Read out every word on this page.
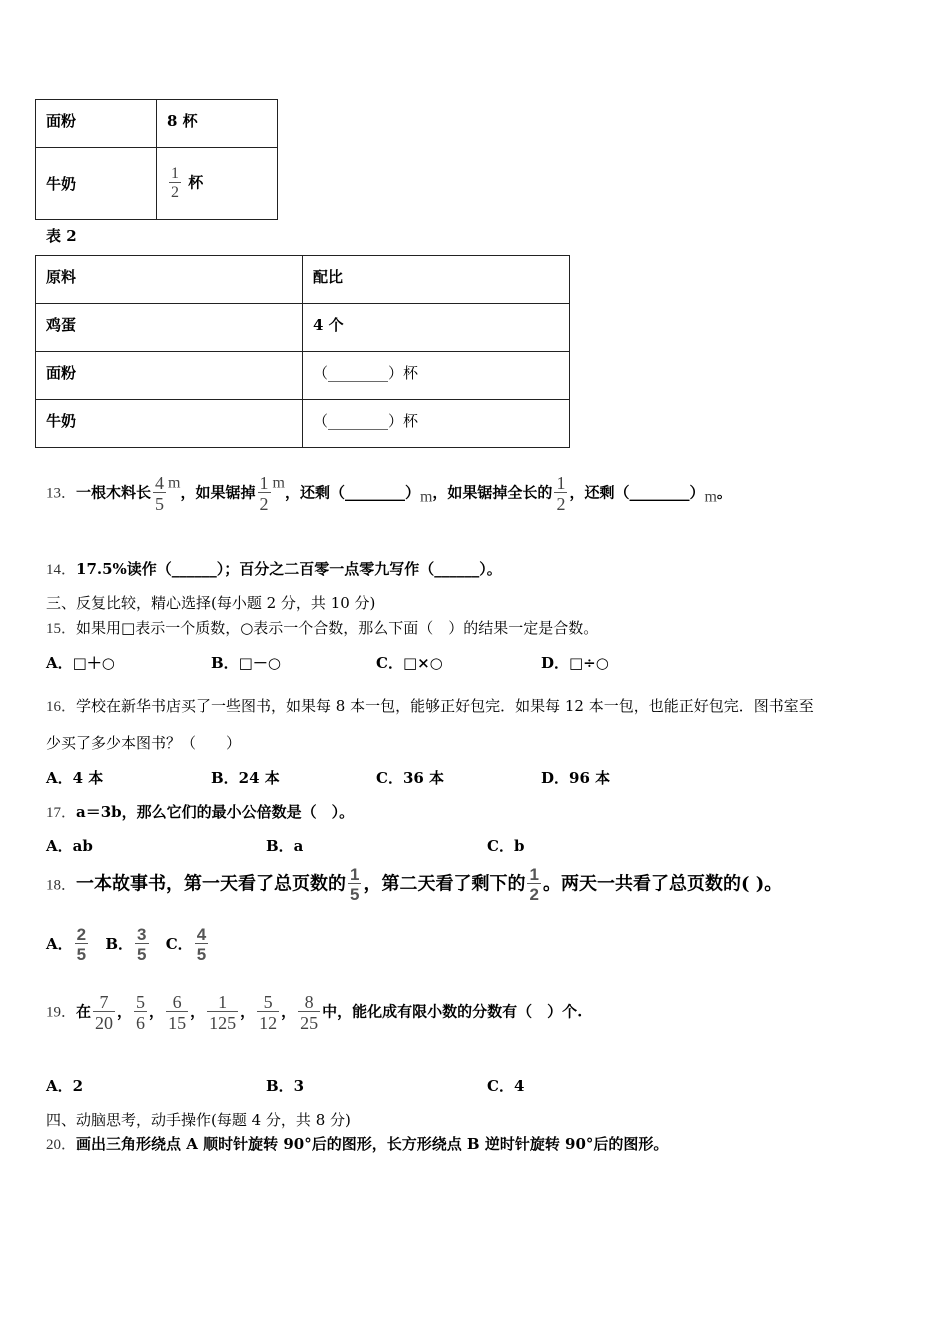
面粉	8 杯
牛奶	$\frac{1}{2}$ 杯
表 2
原料	配比
鸡蛋	4 个
面粉	（________）杯
牛奶	（________）杯
13．一根木料长 $\frac{4}{5}$ m，如果锯掉 $\frac{1}{2}$ m，还剩（________）m，如果锯掉全长的 $\frac{1}{2}$ ，还剩（________）m。
14．17.5%读作（______）；百分之二百零一点零九写作（______）。
三、反复比较，精心选择(每小题 2 分，共 10 分)
15．如果用□表示一个质数，○表示一个合数，那么下面（　）的结果一定是合数。
A．□＋○	B．□－○	C．□×○	D．□÷○
16．学校在新华书店买了一些图书，如果每 8 本一包，能够正好包完．如果每 12 本一包，也能正好包完．图书室至
少买了多少本图书？（　　）
A．4 本	B．24 本	C．36 本	D．96 本
17．a＝3b，那么它们的最小公倍数是（　）。
A．ab	B．a	C．b
18．一本故事书，第一天看了总页数的 $\frac{1}{5}$ ，第二天看了剩下的 $\frac{1}{2}$ 。两天一共看了总页数的( )。
A． $\frac{2}{5}$ B． $\frac{3}{5}$ C． $\frac{4}{5}$
19．在 $\frac{7}{20}$ ， $\frac{5}{6}$ ， $\frac{6}{15}$ ， $\frac{1}{125}$ ， $\frac{5}{12}$ ， $\frac{8}{25}$ 中，能化成有限小数的分数有（　）个.
A．2	B．3	C．4
四、动脑思考，动手操作(每题 4 分，共 8 分)
20．画出三角形绕点 A 顺时针旋转 90°后的图形，长方形绕点 B 逆时针旋转 90°后的图形。
